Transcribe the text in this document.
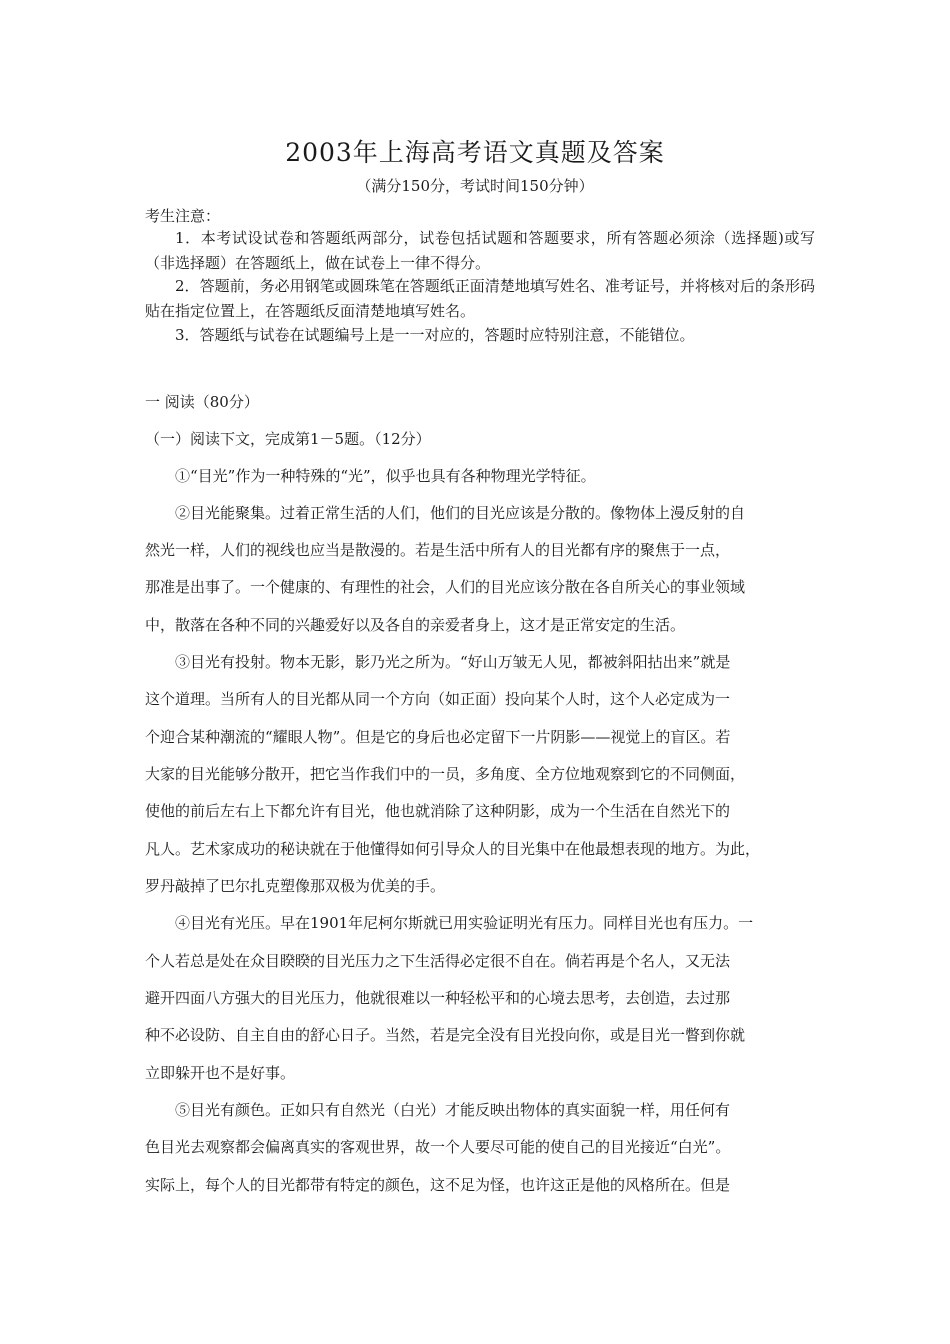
2003年上海高考语文真题及答案
（满分150分，考试时间150分钟）
考生注意：

1．本考试设试卷和答题纸两部分，试卷包括试题和答题要求，所有答题必须涂（选择题)或写（非选择题）在答题纸上，做在试卷上一律不得分。

2．答题前，务必用钢笔或圆珠笔在答题纸正面清楚地填写姓名、准考证号，并将核对后的条形码贴在指定位置上，在答题纸反面清楚地填写姓名。

3．答题纸与试卷在试题编号上是一一对应的，答题时应特别注意，不能错位。

一 阅读（80分）
（一）阅读下文，完成第1－5题。（12分）
①“目光”作为一种特殊的“光”，似乎也具有各种物理光学特征。
②目光能聚集。过着正常生活的人们，他们的目光应该是分散的。像物体上漫反射的自
然光一样，人们的视线也应当是散漫的。若是生活中所有人的目光都有序的聚焦于一点，
那准是出事了。一个健康的、有理性的社会，人们的目光应该分散在各自所关心的事业领域
中，散落在各种不同的兴趣爱好以及各自的亲爱者身上，这才是正常安定的生活。
③目光有投射。物本无影，影乃光之所为。“好山万皱无人见，都被斜阳拈出来”就是
这个道理。当所有人的目光都从同一个方向（如正面）投向某个人时，这个人必定成为一
个迎合某种潮流的“耀眼人物”。但是它的身后也必定留下一片阴影——视觉上的盲区。若
大家的目光能够分散开，把它当作我们中的一员，多角度、全方位地观察到它的不同侧面，
使他的前后左右上下都允许有目光，他也就消除了这种阴影，成为一个生活在自然光下的
凡人。艺术家成功的秘诀就在于他懂得如何引导众人的目光集中在他最想表现的地方。为此，
罗丹敲掉了巴尔扎克塑像那双极为优美的手。
④目光有光压。早在1901年尼柯尔斯就已用实验证明光有压力。同样目光也有压力。一
个人若总是处在众目睽睽的目光压力之下生活得必定很不自在。倘若再是个名人，又无法
避开四面八方强大的目光压力，他就很难以一种轻松平和的心境去思考，去创造，去过那
种不必设防、自主自由的舒心日子。当然，若是完全没有目光投向你，或是目光一瞥到你就
立即躲开也不是好事。
⑤目光有颜色。正如只有自然光（白光）才能反映出物体的真实面貌一样，用任何有
色目光去观察都会偏离真实的客观世界，故一个人要尽可能的使自己的目光接近“白光”。
实际上，每个人的目光都带有特定的颜色，这不足为怪，也许这正是他的风格所在。但是
